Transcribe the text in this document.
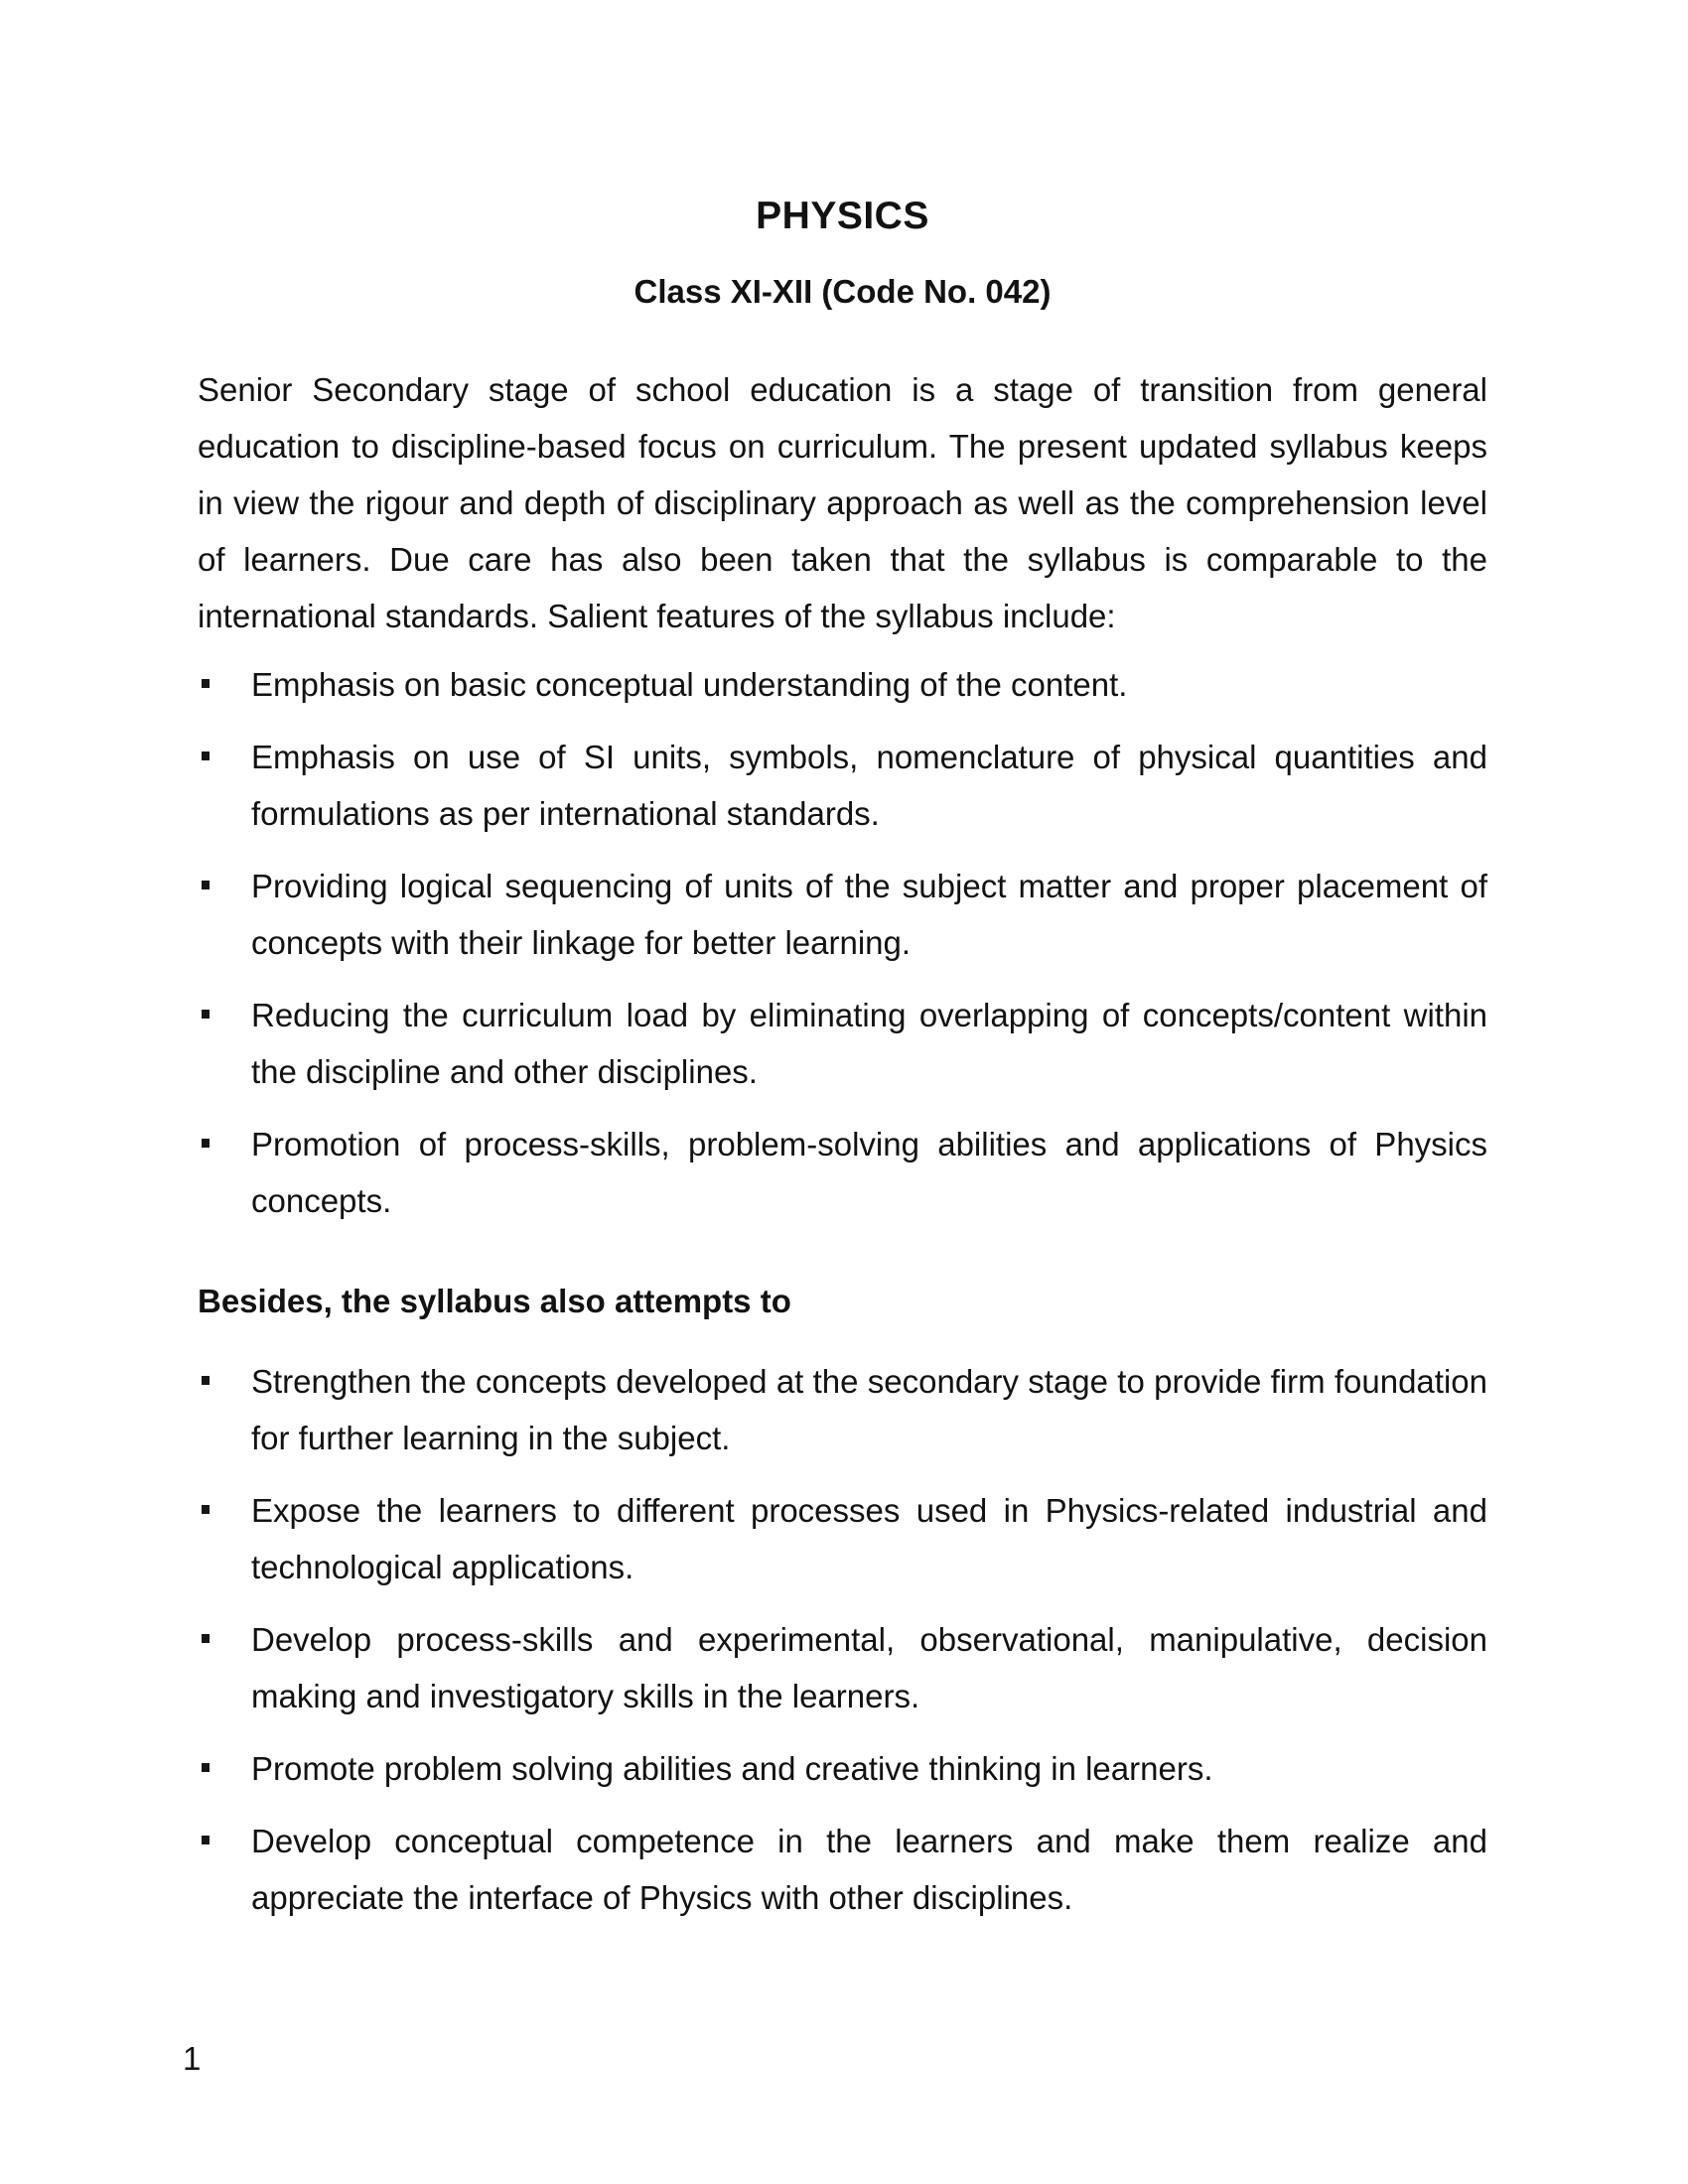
PHYSICS
Class XI-XII (Code No. 042)
Senior Secondary stage of school education is a stage of transition from general education to discipline-based focus on curriculum. The present updated syllabus keeps in view the rigour and depth of disciplinary approach as well as the comprehension level of learners. Due care has also been taken that the syllabus is comparable to the international standards. Salient features of the syllabus include:
Emphasis on basic conceptual understanding of the content.
Emphasis on use of SI units, symbols, nomenclature of physical quantities and formulations as per international standards.
Providing logical sequencing of units of the subject matter and proper placement of concepts with their linkage for better learning.
Reducing the curriculum load by eliminating overlapping of concepts/content within the discipline and other disciplines.
Promotion of process-skills, problem-solving abilities and applications of Physics concepts.
Besides, the syllabus also attempts to
Strengthen the concepts developed at the secondary stage to provide firm foundation for further learning in the subject.
Expose the learners to different processes used in Physics-related industrial and technological applications.
Develop process-skills and experimental, observational, manipulative, decision making and investigatory skills in the learners.
Promote problem solving abilities and creative thinking in learners.
Develop conceptual competence in the learners and make them realize and appreciate the interface of Physics with other disciplines.
1
